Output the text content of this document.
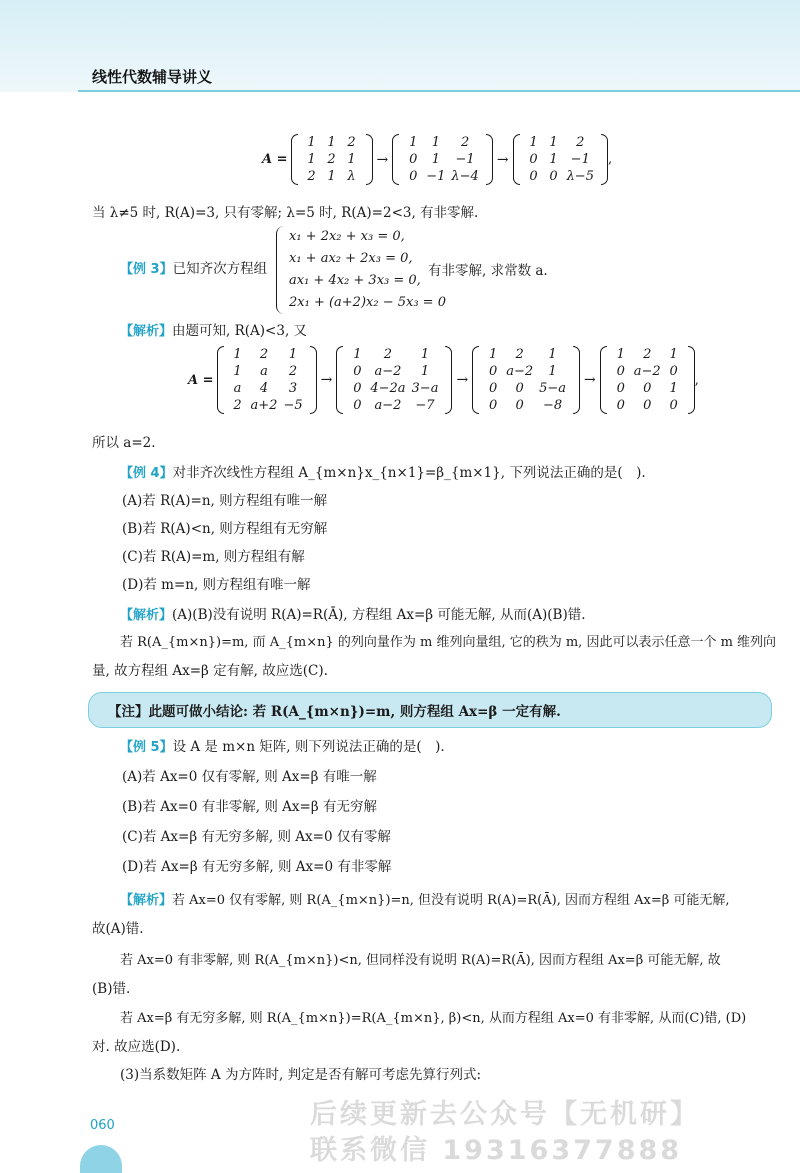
线性代数辅导讲义
A =
1 1 2
1 2 1
2 1 λ
→
1	1	2
0	1	−1
0 −1 λ−4
→
1 1	2
0 1 −1
0 0 λ−5
,
当 λ≠5 时, R(A)=3, 只有零解; λ=5 时, R(A)=2<3, 有非零解.
【例 3】已知齐次方程组
x₁ + 2x₂ + x₃ = 0,
x₁ + ax₂ + 2x₃ = 0,
ax₁ + 4x₂ + 3x₃ = 0,
2x₁ + (a+2)x₂ − 5x₃ = 0
有非零解, 求常数 a.
【解析】由题可知, R(A)<3, 又
A =
1	2	1
1	a	2
a	4	3
2 a+2 −5
→
1	2	1
0 a−2	1
0 4−2a 3−a
0 a−2	−7
→
1	2	1
0 a−2	1
0	0	5−a
0	0	−8
→
1	2	1
0 a−2 0
0	0	1
0	0	0
,
所以 a=2.
【例 4】对非齐次线性方程组 A_{m×n}x_{n×1}=β_{m×1}, 下列说法正确的是(　).
(A)若 R(A)=n, 则方程组有唯一解
(B)若 R(A)<n, 则方程组有无穷解
(C)若 R(A)=m, 则方程组有解
(D)若 m=n, 则方程组有唯一解
【解析】(A)(B)没有说明 R(A)=R(Ā), 方程组 Ax=β 可能无解, 从而(A)(B)错.
若 R(A_{m×n})=m, 而 A_{m×n} 的列向量作为 m 维列向量组, 它的秩为 m, 因此可以表示任意一个 m 维列向
量, 故方程组 Ax=β 定有解, 故应选(C).
【注】此题可做小结论: 若 R(A_{m×n})=m, 则方程组 Ax=β 一定有解.
【例 5】设 A 是 m×n 矩阵, 则下列说法正确的是(　).
(A)若 Ax=0 仅有零解, 则 Ax=β 有唯一解
(B)若 Ax=0 有非零解, 则 Ax=β 有无穷解
(C)若 Ax=β 有无穷多解, 则 Ax=0 仅有零解
(D)若 Ax=β 有无穷多解, 则 Ax=0 有非零解
【解析】若 Ax=0 仅有零解, 则 R(A_{m×n})=n, 但没有说明 R(A)=R(Ā), 因而方程组 Ax=β 可能无解,
故(A)错.
若 Ax=0 有非零解, 则 R(A_{m×n})<n, 但同样没有说明 R(A)=R(Ā), 因而方程组 Ax=β 可能无解, 故
(B)错.
若 Ax=β 有无穷多解, 则 R(A_{m×n})=R(A_{m×n}, β)<n, 从而方程组 Ax=0 有非零解, 从而(C)错, (D)
对. 故应选(D).
(3)当系数矩阵 A 为方阵时, 判定是否有解可考虑先算行列式:
060	后续更新去公众号【无机研】
联系微信 19316377888
